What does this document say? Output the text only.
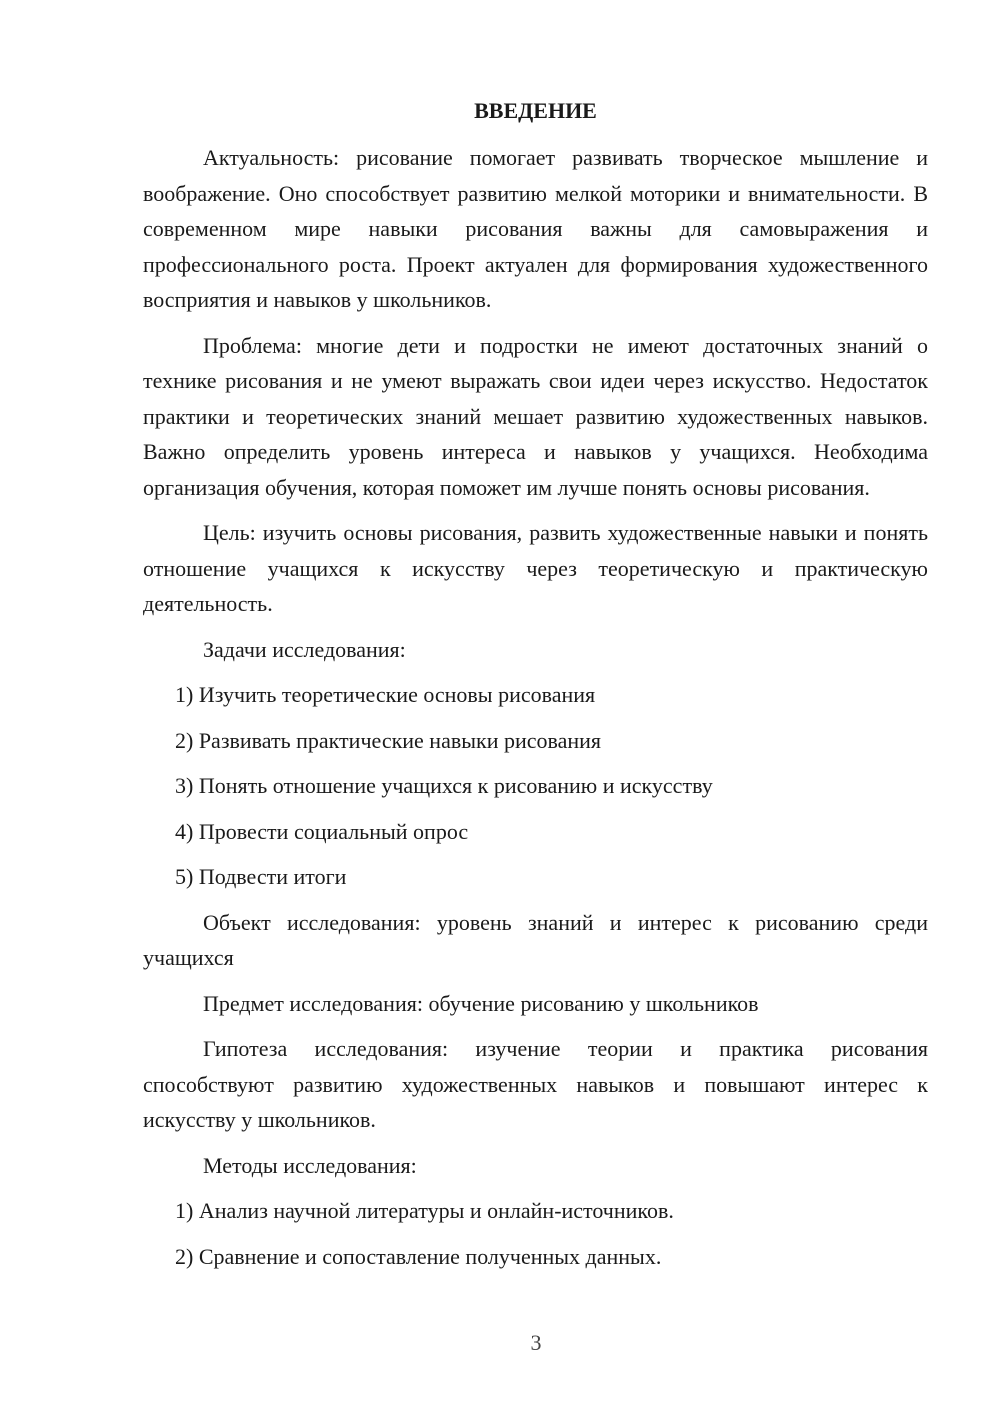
ВВЕДЕНИЕ

Актуальность: рисование помогает развивать творческое мышление и воображение. Оно способствует развитию мелкой моторики и внимательности. В современном мире навыки рисования важны для самовыражения и профессионального роста. Проект актуален для формирования художественного восприятия и навыков у школьников.

Проблема: многие дети и подростки не имеют достаточных знаний о технике рисования и не умеют выражать свои идеи через искусство. Недостаток практики и теоретических знаний мешает развитию художественных навыков. Важно определить уровень интереса и навыков у учащихся. Необходима организация обучения, которая поможет им лучше понять основы рисования.

Цель: изучить основы рисования, развить художественные навыки и понять отношение учащихся к искусству через теоретическую и практическую деятельность.

Задачи исследования:

1) Изучить теоретические основы рисования
2) Развивать практические навыки рисования
3) Понять отношение учащихся к рисованию и искусству
4) Провести социальный опрос
5) Подвести итоги

Объект исследования: уровень знаний и интерес к рисованию среди учащихся

Предмет исследования: обучение рисованию у школьников

Гипотеза исследования: изучение теории и практика рисования способствуют развитию художественных навыков и повышают интерес к искусству у школьников.

Методы исследования:

1) Анализ научной литературы и онлайн-источников.
2) Сравнение и сопоставление полученных данных.
3
